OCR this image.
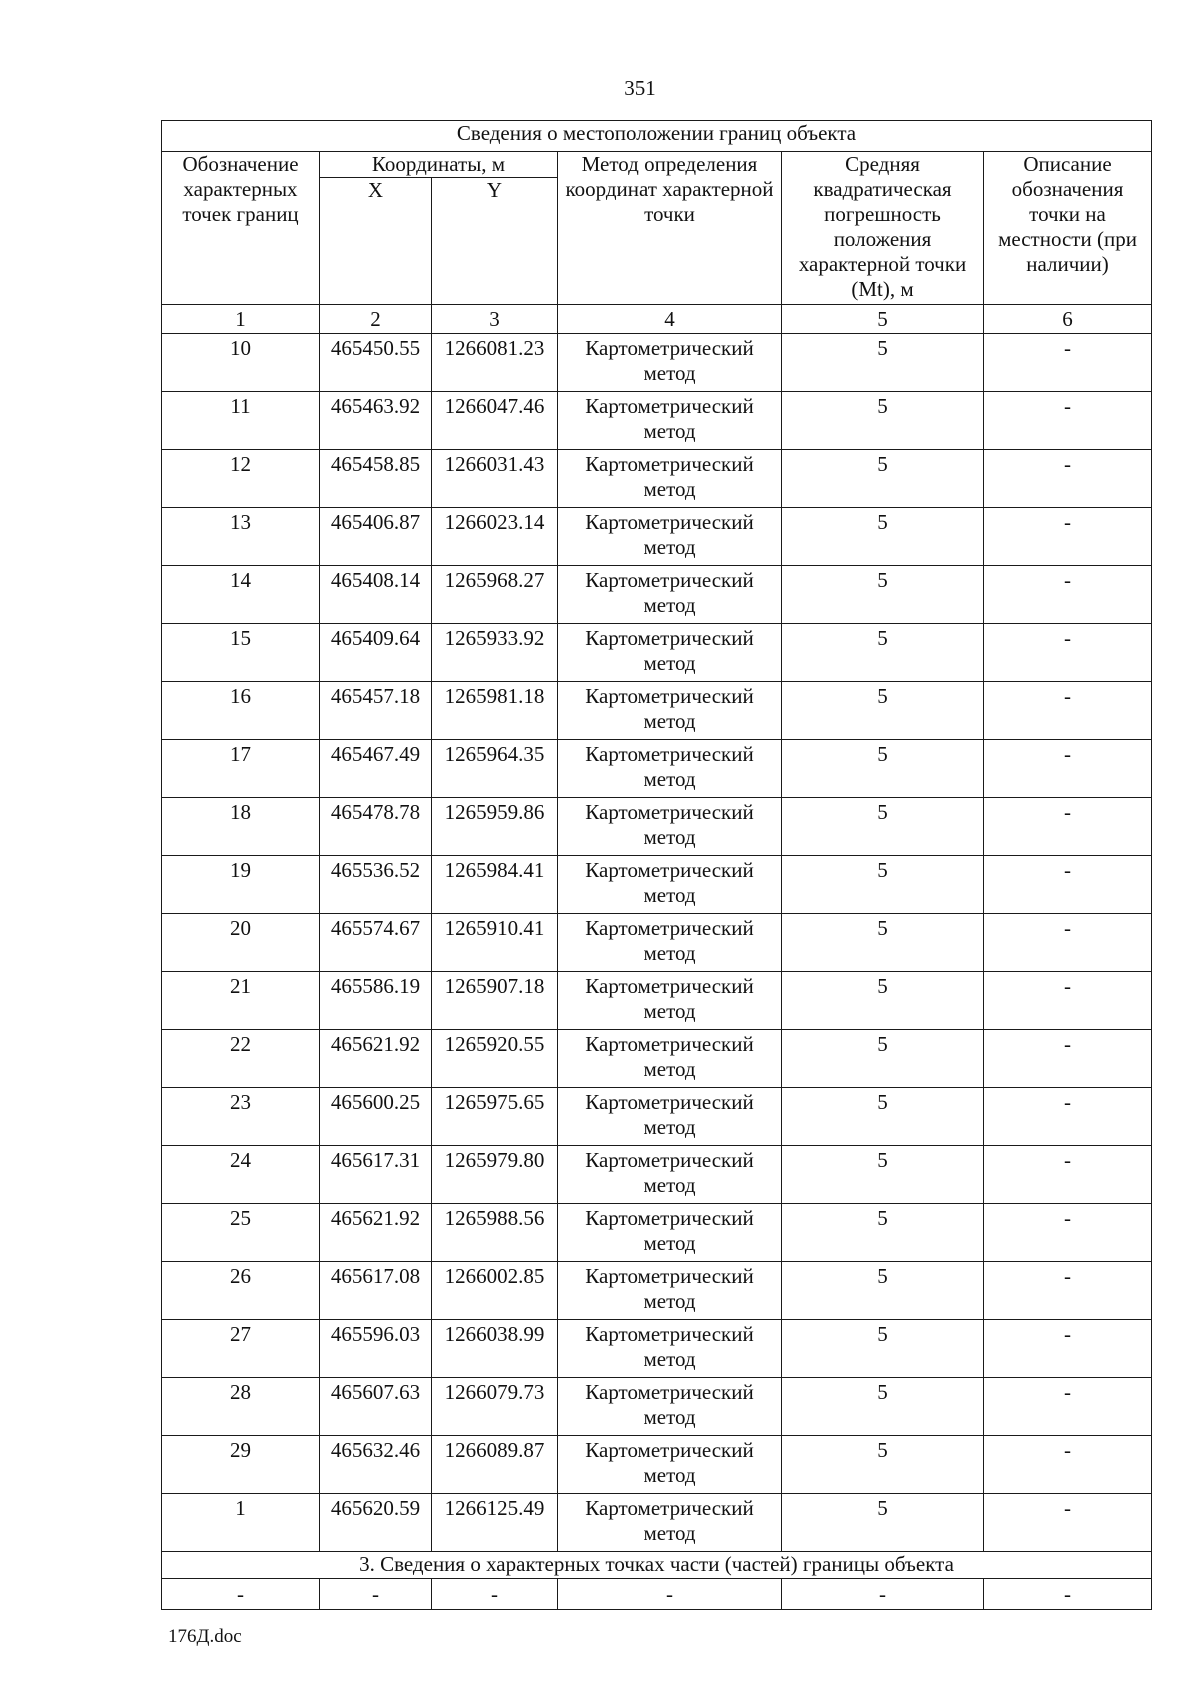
351
Сведения о местоположении границ объекта					
Обозначение характерных точек границ	Координаты, м		Метод определения координат характерной точки	Средняя квадратическая погрешность положения характерной точки (Mt), м	Описание обозначения точки на местности (при наличии)
	X	Y			
1	2	3	4	5	6
10	465450.55	1266081.23	Картометрический метод	5	-
11	465463.92	1266047.46	Картометрический метод	5	-
12	465458.85	1266031.43	Картометрический метод	5	-
13	465406.87	1266023.14	Картометрический метод	5	-
14	465408.14	1265968.27	Картометрический метод	5	-
15	465409.64	1265933.92	Картометрический метод	5	-
16	465457.18	1265981.18	Картометрический метод	5	-
17	465467.49	1265964.35	Картометрический метод	5	-
18	465478.78	1265959.86	Картометрический метод	5	-
19	465536.52	1265984.41	Картометрический метод	5	-
20	465574.67	1265910.41	Картометрический метод	5	-
21	465586.19	1265907.18	Картометрический метод	5	-
22	465621.92	1265920.55	Картометрический метод	5	-
23	465600.25	1265975.65	Картометрический метод	5	-
24	465617.31	1265979.80	Картометрический метод	5	-
25	465621.92	1265988.56	Картометрический метод	5	-
26	465617.08	1266002.85	Картометрический метод	5	-
27	465596.03	1266038.99	Картометрический метод	5	-
28	465607.63	1266079.73	Картометрический метод	5	-
29	465632.46	1266089.87	Картометрический метод	5	-
1	465620.59	1266125.49	Картометрический метод	5	-
3. Сведения о характерных точках части (частей) границы объекта					
-	-	-	-	-	-
176Д.doc
